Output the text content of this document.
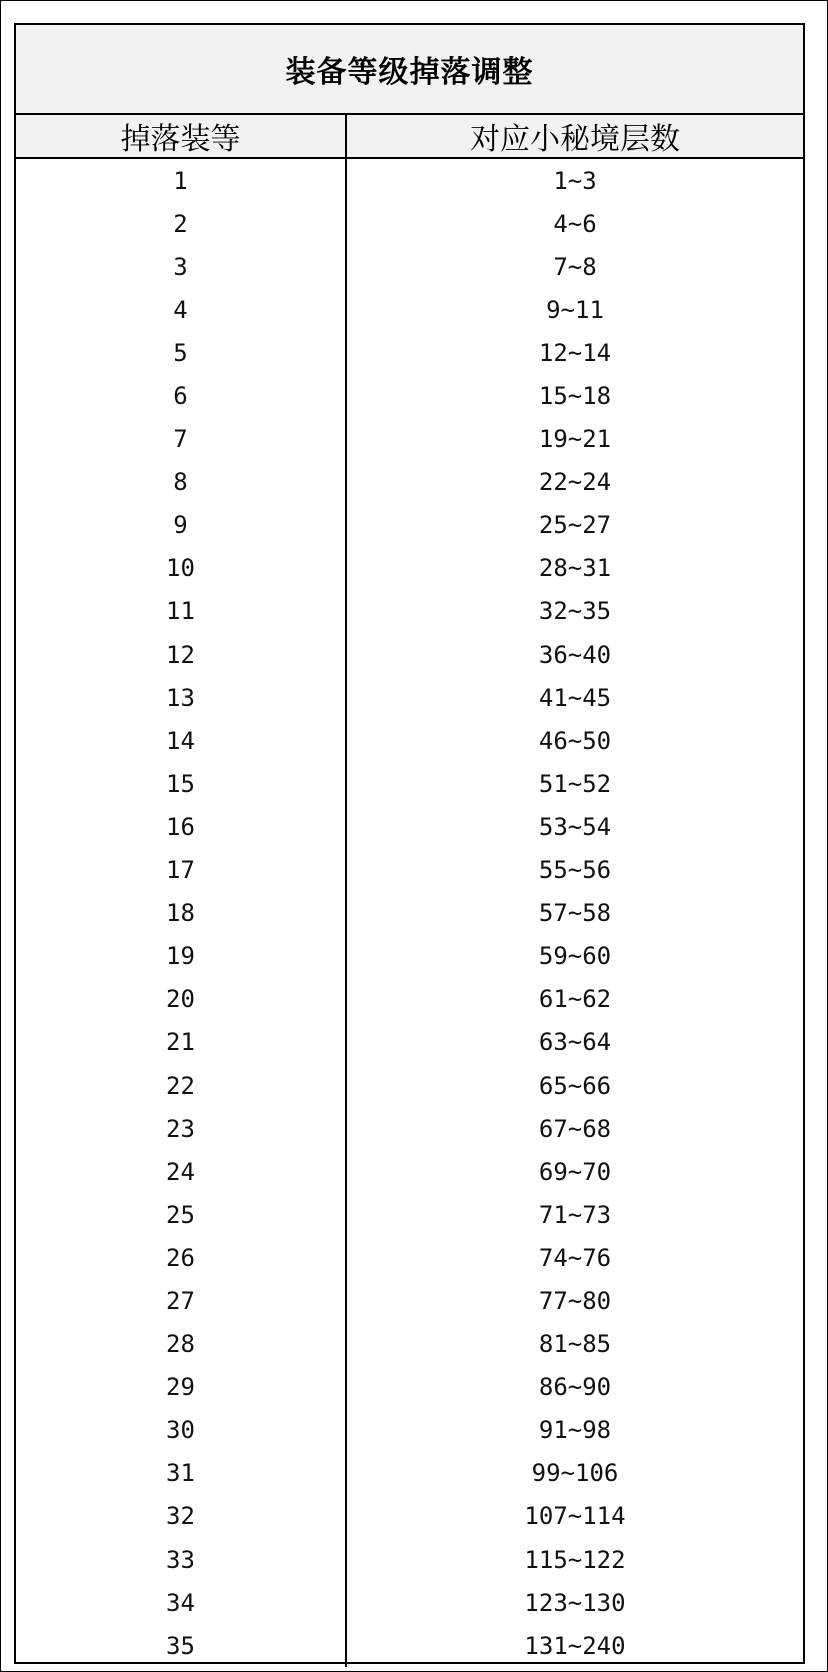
装备等级掉落调整
掉落装等	对应小秘境层数
1	1~3
2	4~6
3	7~8
4	9~11
5	12~14
6	15~18
7	19~21
8	22~24
9	25~27
10	28~31
11	32~35
12	36~40
13	41~45
14	46~50
15	51~52
16	53~54
17	55~56
18	57~58
19	59~60
20	61~62
21	63~64
22	65~66
23	67~68
24	69~70
25	71~73
26	74~76
27	77~80
28	81~85
29	86~90
30	91~98
31	99~106
32	107~114
33	115~122
34	123~130
35	131~240
